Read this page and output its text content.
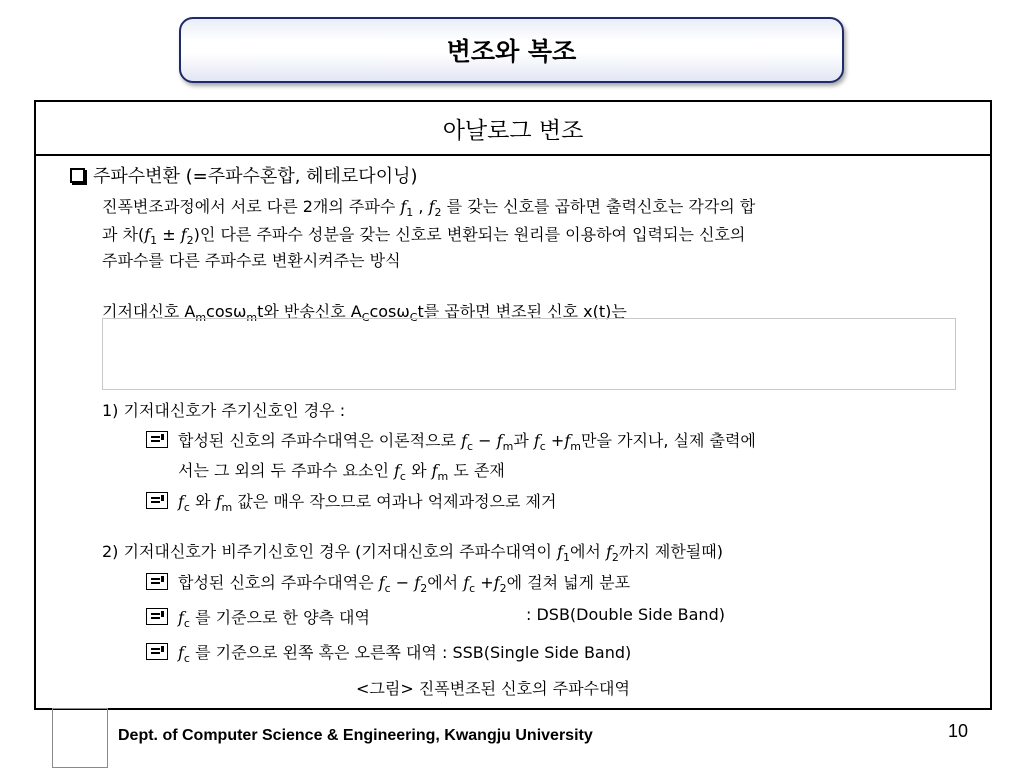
변조와 복조
아날로그 변조
주파수변환 (=주파수혼합, 헤테로다이닝)
진폭변조과정에서 서로 다른 2개의 주파수 $f_1$ , $f_2$ 를 갖는 신호를 곱하면 출력신호는 각각의 합
과 차$(f_1 \pm f_2)$인 다른 주파수 성분을 갖는 신호로 변환되는 원리를 이용하여 입력되는 신호의
주파수를 다른 주파수로 변환시켜주는 방식
기저대신호 $A_m\cos\omega_mt$와 반송신호 $A_C\cos\omega_Ct$를 곱하면 변조된 신호 x(t)는
1) 기저대신호가 주기신호인 경우 :
합성된 신호의 주파수대역은 이론적으로 $f_c - f_m$과 $f_c +f_m$만을 가지나, 실제 출력에
서는 그 외의 두 주파수 요소인 $f_c$ 와 $f_m$ 도 존재
$f_c$ 와 $f_m$ 값은 매우 작으므로 여과나 억제과정으로 제거
2) 기저대신호가 비주기신호인 경우 (기저대신호의 주파수대역이 $f_1$에서 $f_2$까지 제한될때)
합성된 신호의 주파수대역은 $f_c - f_2$에서 $f_c +f_2$에 걸쳐 넓게 분포
$f_c$ 를 기준으로 한 양측 대역	: DSB(Double Side Band)
$f_c$ 를 기준으로 왼쪽 혹은 오른쪽 대역 : SSB(Single Side Band)
<그림> 진폭변조된 신호의 주파수대역
Dept. of Computer Science & Engineering, Kwangju University	10
